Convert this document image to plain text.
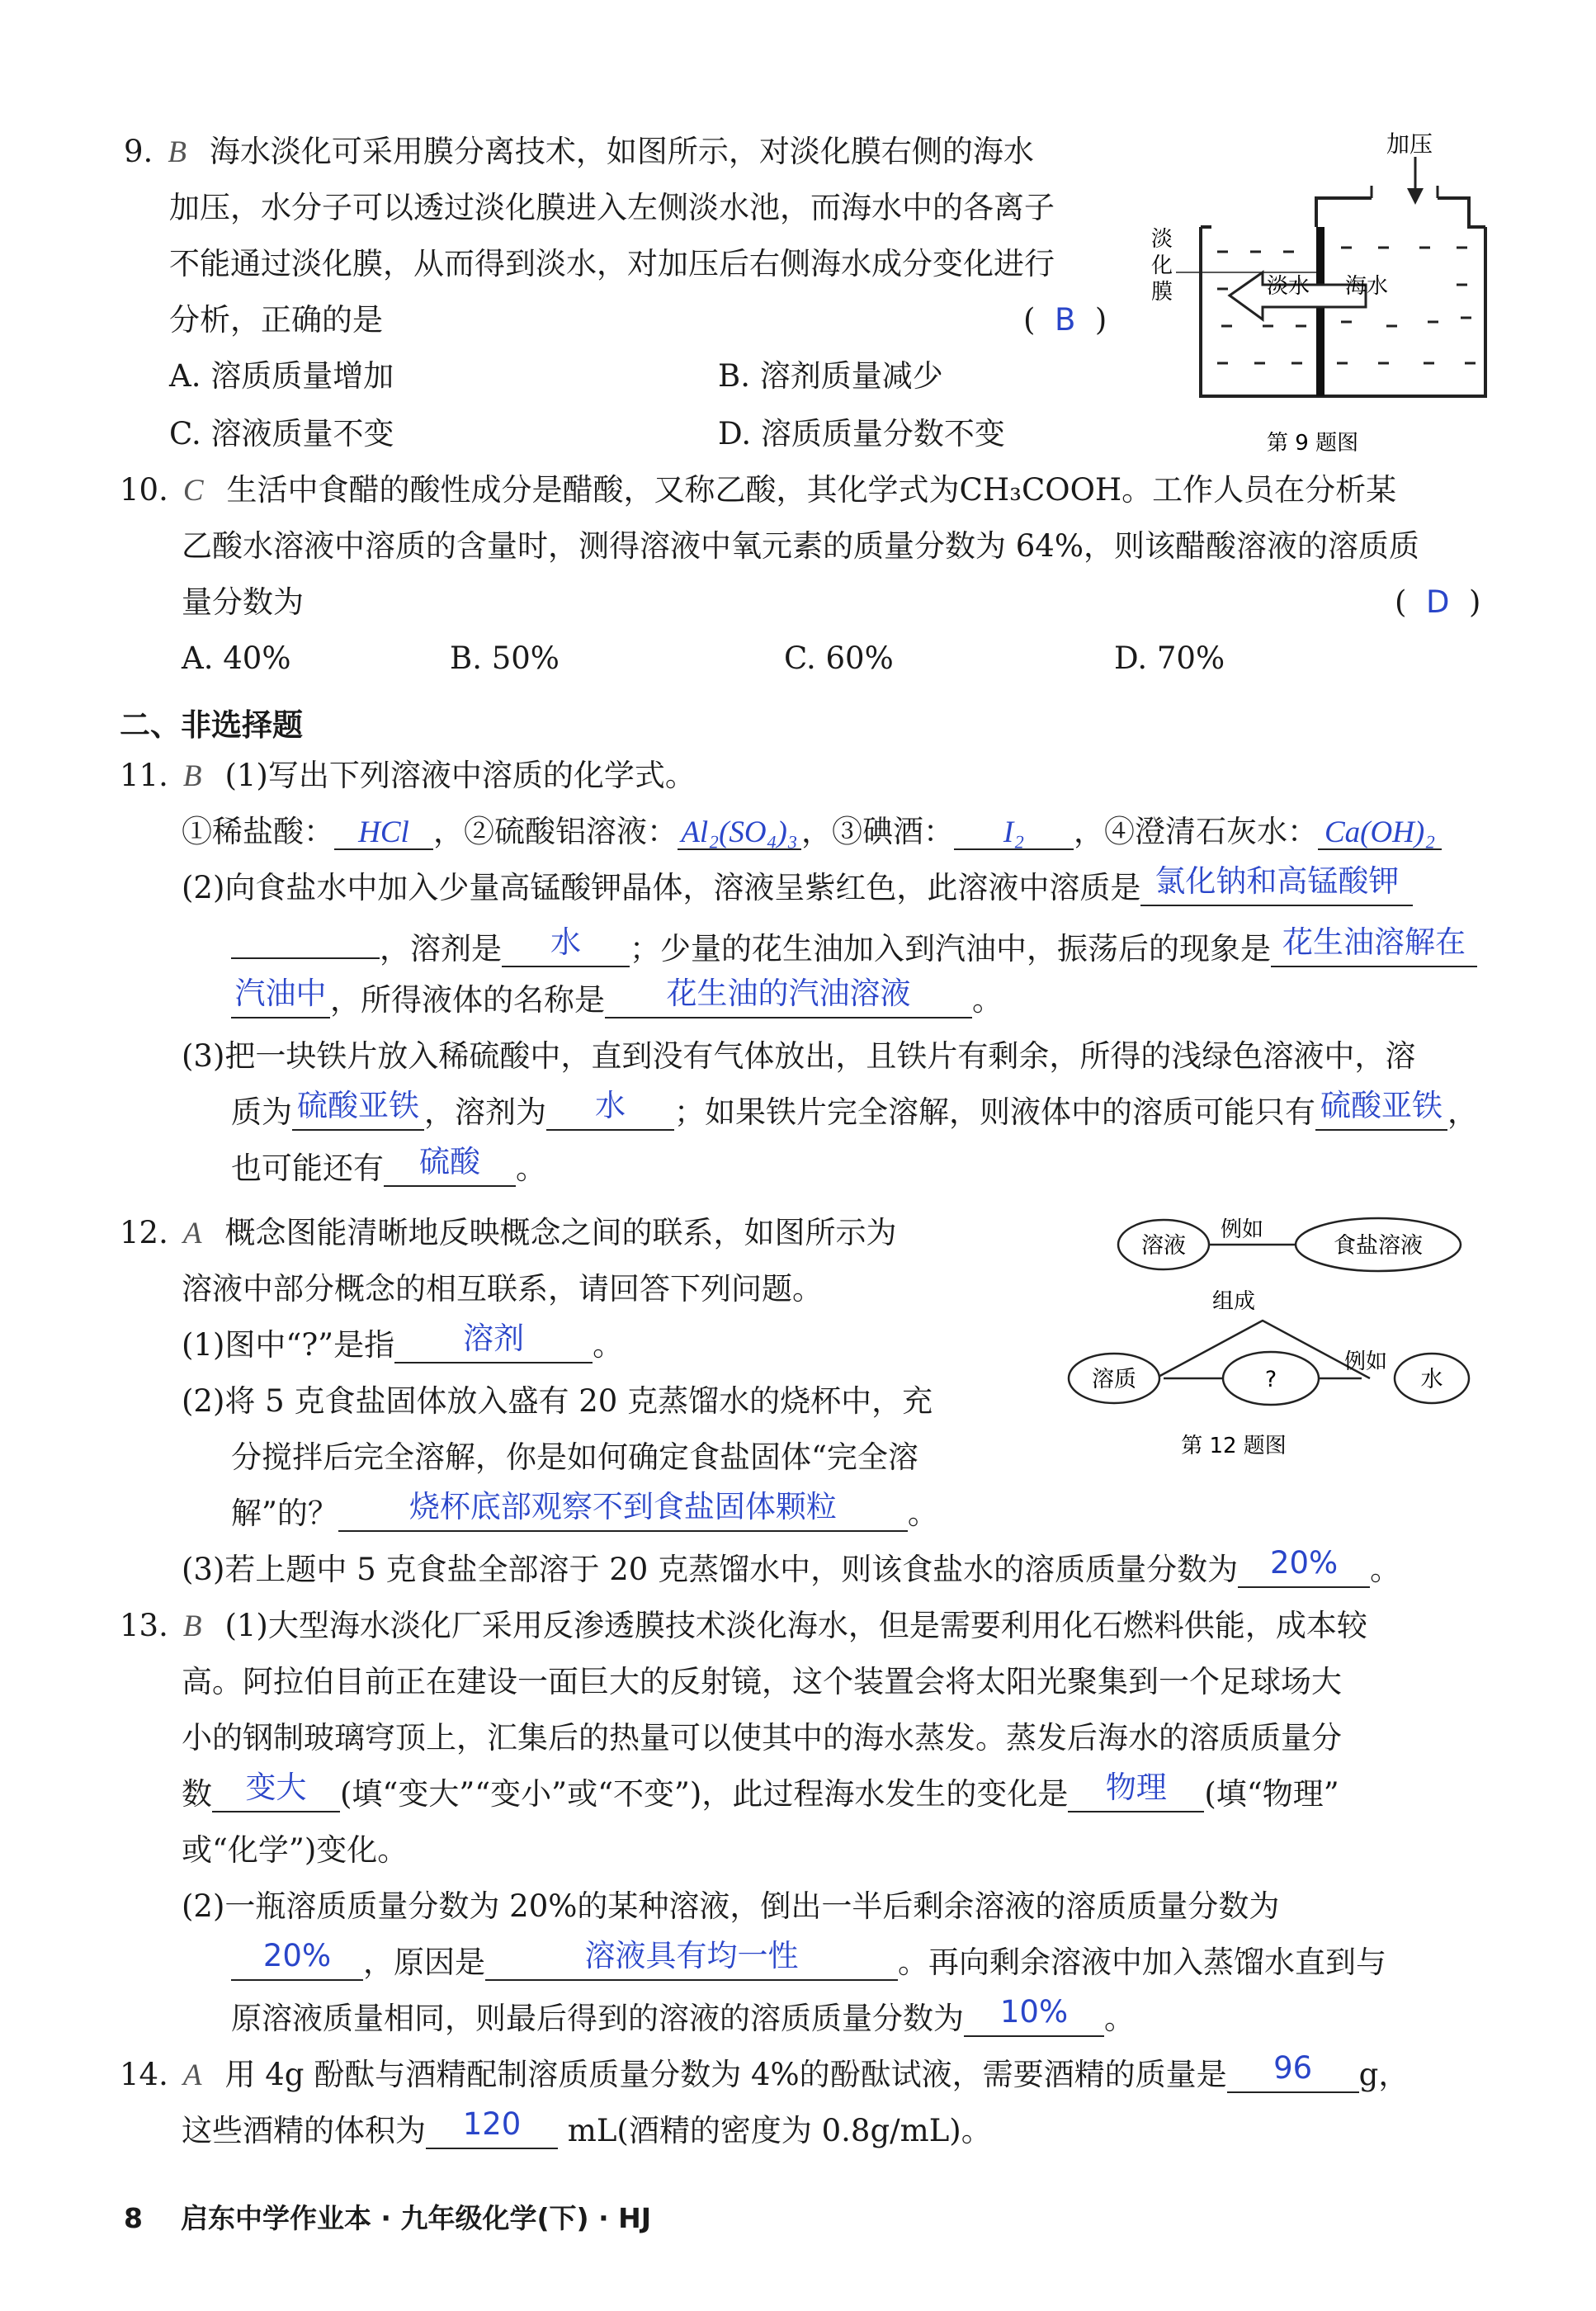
9. B 海水淡化可采用膜分离技术，如图所示，对淡化膜右侧的海水
加压，水分子可以透过淡化膜进入左侧淡水池，而海水中的各离子
不能通过淡化膜，从而得到淡水，对加压后右侧海水成分变化进行
分析，正确的是	(  B  )
A. 溶质质量增加	B. 溶剂质量减少
C. 溶液质量不变	D. 溶质质量分数不变
加压
淡水 海水
淡
化
膜
第 9 题图
10. C 生活中食醋的酸性成分是醋酸，又称乙酸，其化学式为CH₃COOH。工作人员在分析某
乙酸水溶液中溶质的含量时，测得溶液中氧元素的质量分数为 64%，则该醋酸溶液的溶质质
量分数为	(  D  )
A. 40%	B. 50%	C. 60%	D. 70%
二、非选择题
11. B (1)写出下列溶液中溶质的化学式。
①稀盐酸： HCl ，②硫酸铝溶液： Al₂(SO₄)₃ ，③碘酒： I₂ ，④澄清石灰水： Ca(OH)₂
(2)向食盐水中加入少量高锰酸钾晶体，溶液呈紫红色，此溶液中溶质是 氯化钠和高锰酸钾
，溶剂是 水 ；少量的花生油加入到汽油中，振荡后的现象是 花生油溶解在
汽油中 ，所得液体的名称是 花生油的汽油溶液 。
(3)把一块铁片放入稀硫酸中，直到没有气体放出，且铁片有剩余，所得的浅绿色溶液中，溶
质为 硫酸亚铁 ，溶剂为 水 ；如果铁片完全溶解，则液体中的溶质可能只有 硫酸亚铁 ，
也可能还有 硫酸 。
12. A 概念图能清晰地反映概念之间的联系，如图所示为
溶液中部分概念的相互联系，请回答下列问题。
(1)图中“?”是指 溶剂 。
(2)将 5 克食盐固体放入盛有 20 克蒸馏水的烧杯中，充
分搅拌后完全溶解，你是如何确定食盐固体“完全溶
解”的？ 烧杯底部观察不到食盐固体颗粒 。
(3)若上题中 5 克食盐全部溶于 20 克蒸馏水中，则该食盐水的溶质质量分数为 20% 。
溶液
例如
食盐溶液
组成
溶质	?
例如
水
第 12 题图
13. B (1)大型海水淡化厂采用反渗透膜技术淡化海水，但是需要利用化石燃料供能，成本较
高。阿拉伯目前正在建设一面巨大的反射镜，这个装置会将太阳光聚集到一个足球场大
小的钢制玻璃穹顶上，汇集后的热量可以使其中的海水蒸发。蒸发后海水的溶质质量分
数 变大 (填“变大”“变小”或“不变”)，此过程海水发生的变化是 物理 (填“物理”
或“化学”)变化。
(2)一瓶溶质质量分数为 20%的某种溶液，倒出一半后剩余溶液的溶质质量分数为
20% ，原因是	溶液具有均一性	。再向剩余溶液中加入蒸馏水直到与
原溶液质量相同，则最后得到的溶液的溶质质量分数为 10% 。
14. A 用 4g 酚酞与酒精配制溶质质量分数为 4%的酚酞试液，需要酒精的质量是 96 g，
这些酒精的体积为 120 mL(酒精的密度为 0.8g/mL)。
8 启东中学作业本 · 九年级化学(下) · HJ
